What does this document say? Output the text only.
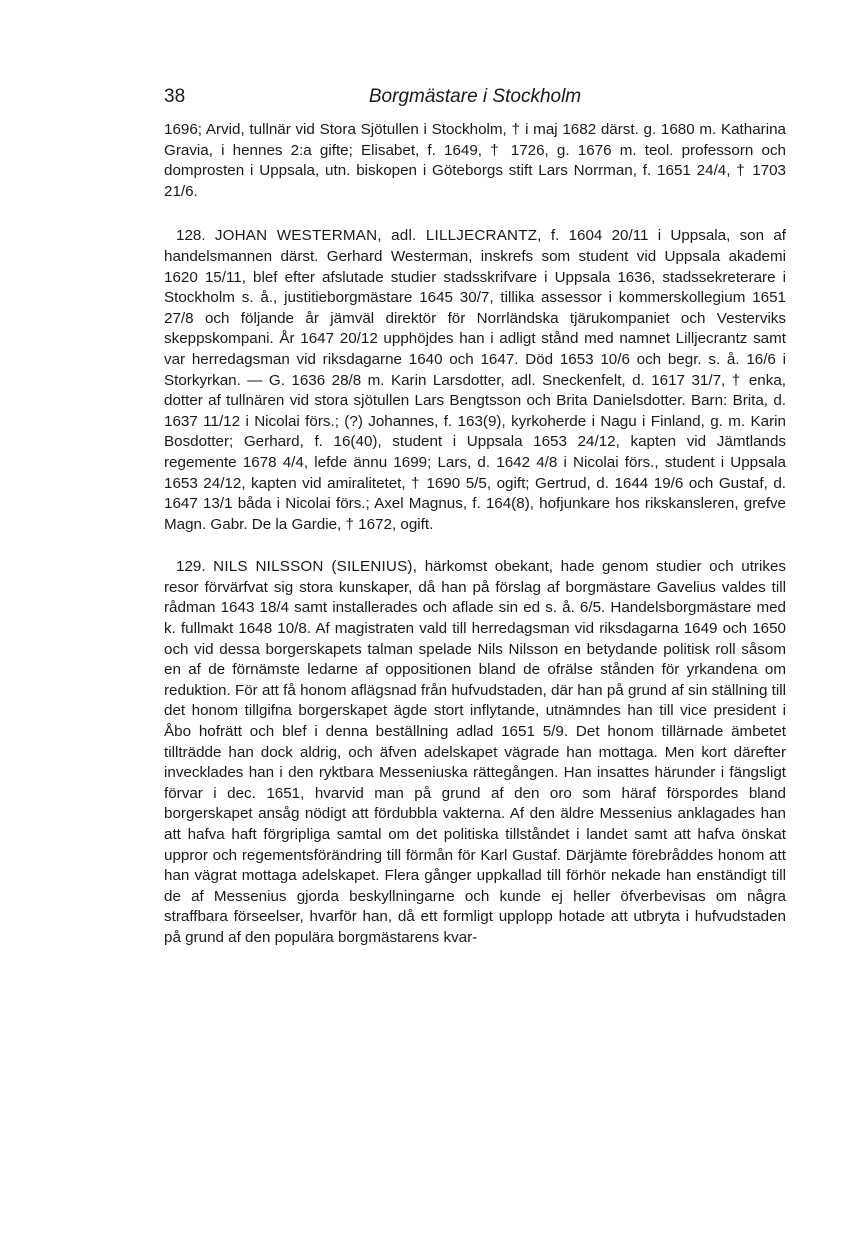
38	Borgmästare i Stockholm

1696; Arvid, tullnär vid Stora Sjötullen i Stockholm, † i maj 1682 därst. g. 1680 m. Katharina Gravia, i hennes 2:a gifte; Elisabet, f. 1649, † 1726, g. 1676 m. teol. professorn och domprosten i Uppsala, utn. biskopen i Göteborgs stift Lars Norrman, f. 1651 24/4, † 1703 21/6.

128. JOHAN WESTERMAN, adl. LILLJECRANTZ, f. 1604 20/11 i Uppsala, son af handelsmannen därst. Gerhard Westerman, inskrefs som student vid Uppsala akademi 1620 15/11, blef efter afslutade studier stadsskrifvare i Uppsala 1636, stadssekreterare i Stockholm s. å., justitieborgmästare 1645 30/7, tillika assessor i kommerskollegium 1651 27/8 och följande år jämväl direktör för Norrländska tjärukompaniet och Vesterviks skeppskompani. År 1647 20/12 upphöjdes han i adligt stånd med namnet Lilljecrantz samt var herredagsman vid riksdagarne 1640 och 1647. Död 1653 10/6 och begr. s. å. 16/6 i Storkyrkan. — G. 1636 28/8 m. Karin Larsdotter, adl. Sneckenfelt, d. 1617 31/7, † enka, dotter af tullnären vid stora sjötullen Lars Bengtsson och Brita Danielsdotter. Barn: Brita, d. 1637 11/12 i Nicolai förs.; (?) Johannes, f. 163(9), kyrkoherde i Nagu i Finland, g. m. Karin Bosdotter; Gerhard, f. 16(40), student i Uppsala 1653 24/12, kapten vid Jämtlands regemente 1678 4/4, lefde ännu 1699; Lars, d. 1642 4/8 i Nicolai förs., student i Uppsala 1653 24/12, kapten vid amiralitetet, † 1690 5/5, ogift; Gertrud, d. 1644 19/6 och Gustaf, d. 1647 13/1 båda i Nicolai förs.; Axel Magnus, f. 164(8), hofjunkare hos rikskansleren, grefve Magn. Gabr. De la Gardie, † 1672, ogift.

129. NILS NILSSON (SILENIUS), härkomst obekant, hade genom studier och utrikes resor förvärfvat sig stora kunskaper, då han på förslag af borgmästare Gavelius valdes till rådman 1643 18/4 samt installerades och aflade sin ed s. å. 6/5. Handelsborgmästare med k. fullmakt 1648 10/8. Af magistraten vald till herredagsman vid riksdagarna 1649 och 1650 och vid dessa borgerskapets talman spelade Nils Nilsson en betydande politisk roll såsom en af de förnämste ledarne af oppositionen bland de ofrälse stånden för yrkandena om reduktion. För att få honom aflägsnad från hufvudstaden, där han på grund af sin ställning till det honom tillgifna borgerskapet ägde stort inflytande, utnämndes han till vice president i Åbo hofrätt och blef i denna beställning adlad 1651 5/9. Det honom tillärnade ämbetet tillträdde han dock aldrig, och äfven adelskapet vägrade han mottaga. Men kort därefter invecklades han i den ryktbara Messeniuska rättegången. Han insattes härunder i fängsligt förvar i dec. 1651, hvarvid man på grund af den oro som häraf förspordes bland borgerskapet ansåg nödigt att fördubbla vakterna. Af den äldre Messenius anklagades han att hafva haft förgripliga samtal om det politiska tillståndet i landet samt att hafva önskat uppror och regementsförändring till förmån för Karl Gustaf. Därjämte förebråddes honom att han vägrat mottaga adelskapet. Flera gånger uppkallad till förhör nekade han enständigt till de af Messenius gjorda beskyllningarne och kunde ej heller öfverbevisas om några straffbara förseelser, hvarför han, då ett formligt upplopp hotade att utbryta i hufvudstaden på grund af den populära borgmästarens kvar-
